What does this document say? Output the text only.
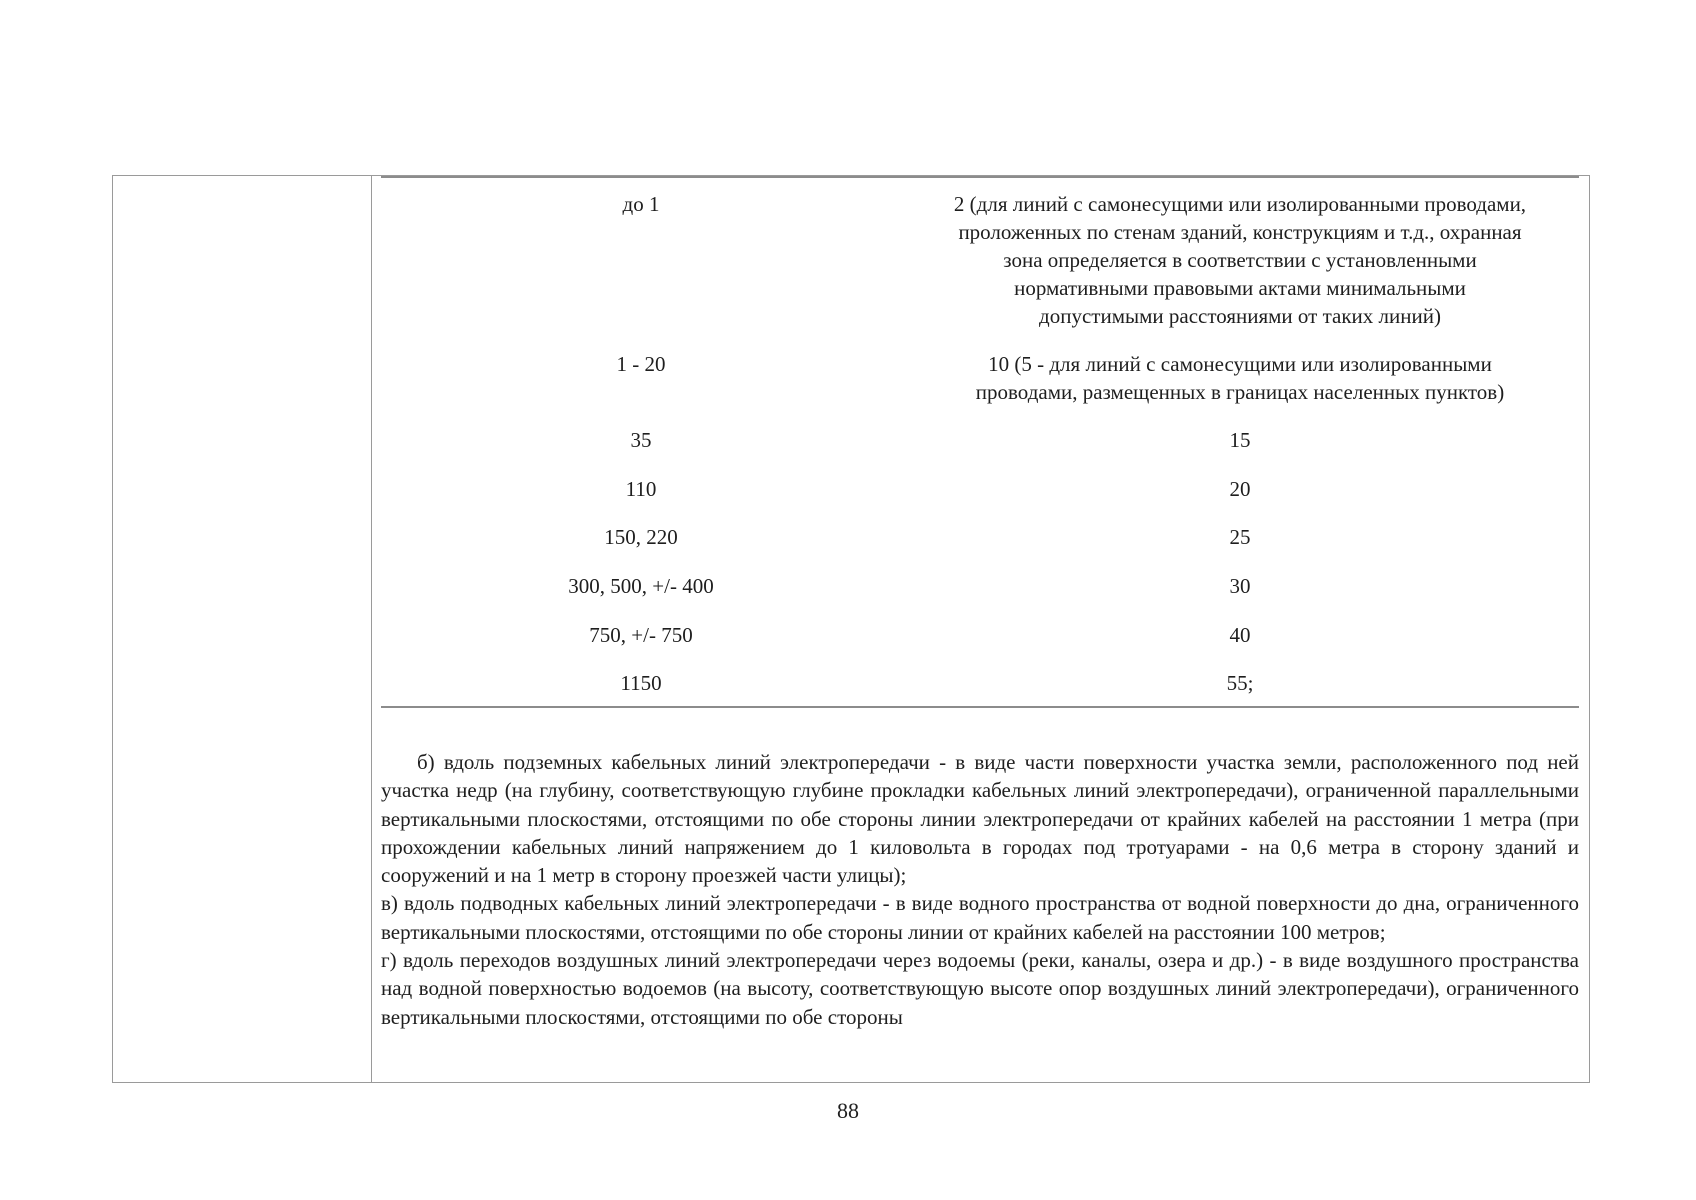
до 1	2 (для линий с самонесущими или изолированными проводами,
проложенных по стенам зданий, конструкциям и т.д., охранная
зона определяется в соответствии с установленными
нормативными правовыми актами минимальными
допустимыми расстояниями от таких линий)
1 - 20	10 (5 - для линий с самонесущими или изолированными
проводами, размещенных в границах населенных пунктов)
35	15
110	20
150, 220	25
300, 500, +/- 400	30
750, +/- 750	40
1150	55;

б) вдоль подземных кабельных линий электропередачи - в виде части поверхности участка земли, расположенного под ней участка недр (на глубину, соответствующую глубине прокладки кабельных линий электропередачи), ограниченной параллельными вертикальными плоскостями, отстоящими по обе стороны линии электропередачи от крайних кабелей на расстоянии 1 метра (при прохождении кабельных линий напряжением до 1 киловольта в городах под тротуарами - на 0,6 метра в сторону зданий и сооружений и на 1 метр в сторону проезжей части улицы);

в) вдоль подводных кабельных линий электропередачи - в виде водного пространства от водной поверхности до дна, ограниченного вертикальными плоскостями, отстоящими по обе стороны линии от крайних кабелей на расстоянии 100 метров;

г) вдоль переходов воздушных линий электропередачи через водоемы (реки, каналы, озера и др.) - в виде воздушного пространства над водной поверхностью водоемов (на высоту, соответствующую высоте опор воздушных линий электропередачи), ограниченного вертикальными плоскостями, отстоящими по обе стороны

88
